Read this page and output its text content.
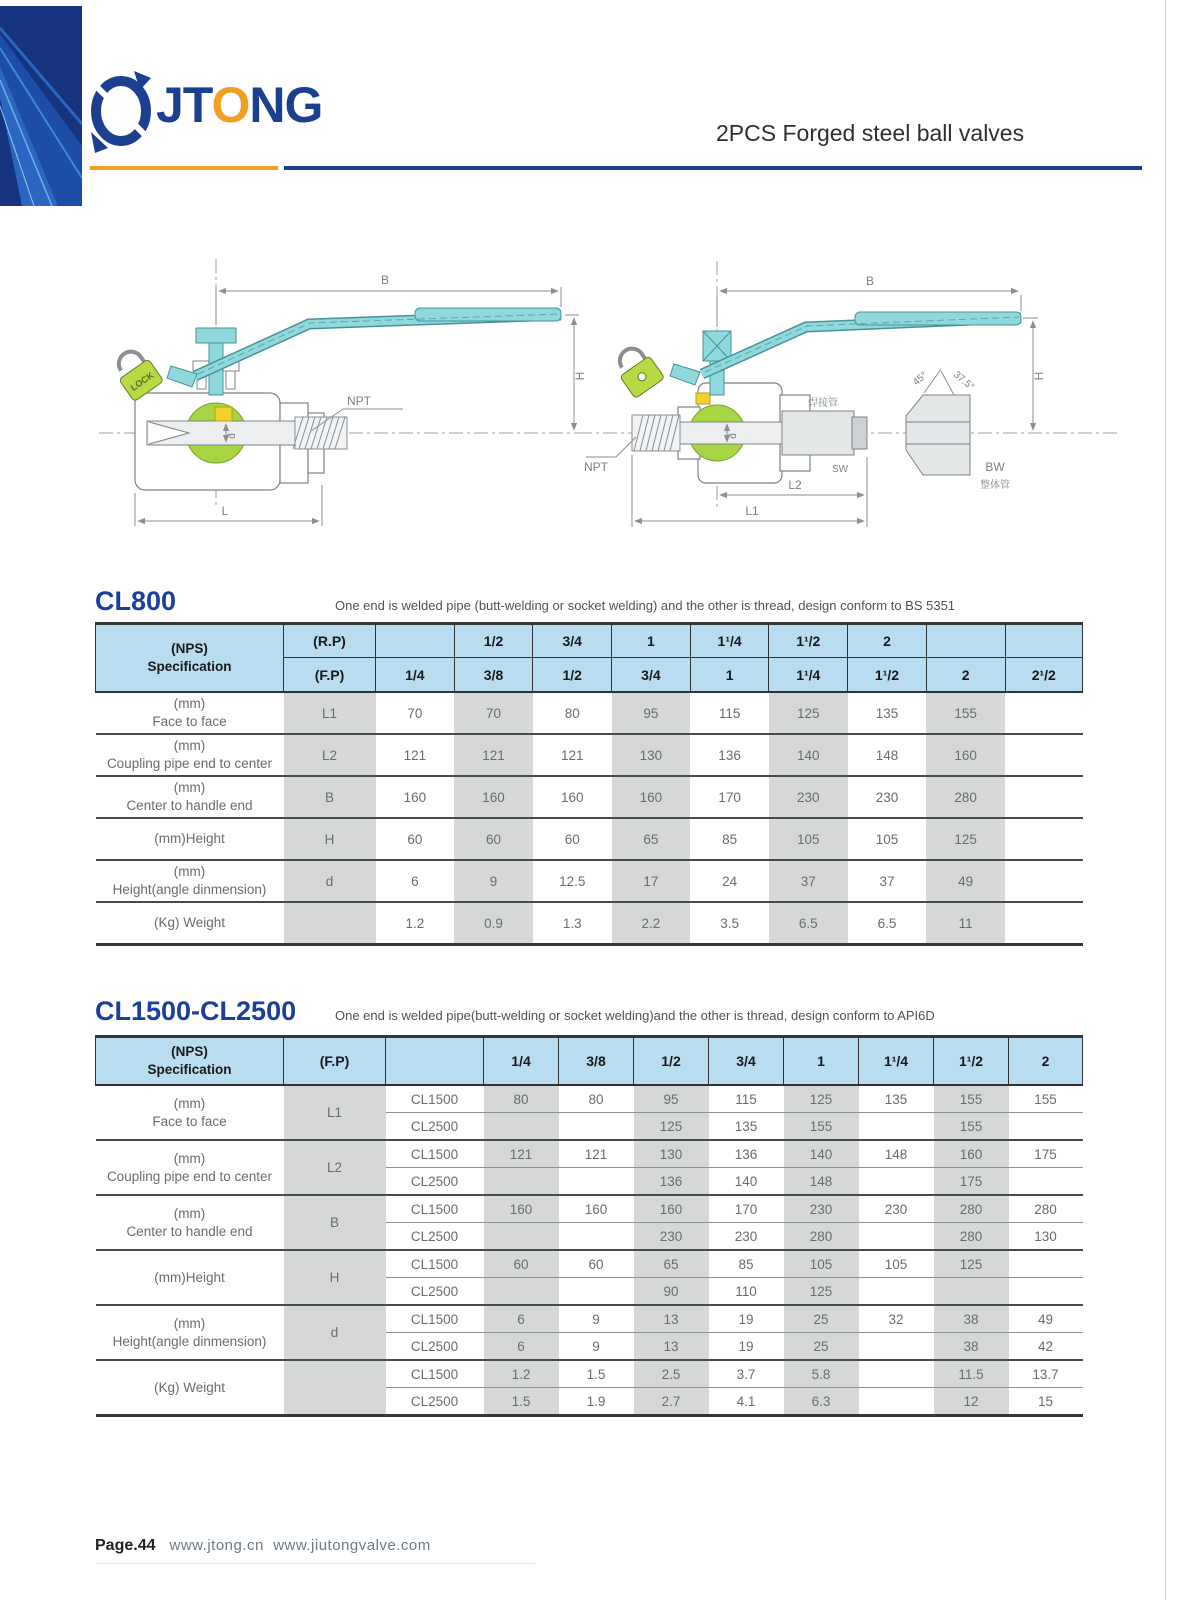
JTONG	2PCS Forged steel ball valves
LOCK
B
H
L
NPT
d
B
H
L2
L1
NPT
焊接管
SW	BW
整体管
45° 37.5°
d
CL800	One end is welded pipe (butt-welding or socket welding) and the other is thread, design conform to BS 5351
(NPS)
Specification	(R.P)		1/2	3/4	1	1¹/4	1¹/2	2		
	(F.P)	1/4	3/8	1/2	3/4	1	1¹/4	1¹/2	2	2¹/2

(mm)
Face to face	L1	70	70	80	95	115	125	135	155	

(mm)
Coupling pipe end to center	L2	121	121	121	130	136	140	148	160	

(mm)
Center to handle end	B	160	160	160	160	170	230	230	280	

(mm)Height	H	60	60	60	65	85	105	105	125	

(mm)
Height(angle dinmension)	d	6	9	12.5	17	24	37	37	49	

(Kg) Weight		1.2	0.9	1.3	2.2	3.5	6.5	6.5	11	
CL1500-CL2500	One end is welded pipe(butt-welding or socket welding)and the other is thread, design conform to API6D
(NPS)
Specification	(F.P)		1/4	3/8	1/2	3/4	1	1¹/4	1¹/2	2

(mm)
Face to face	L1	CL1500	80	80	95	115	125	135	155	155
		CL2500			125	135	155		155	

(mm)
Coupling pipe end to center	L2	CL1500	121	121	130	136	140	148	160	175
		CL2500			136	140	148		175	

(mm)
Center to handle end	B	CL1500	160	160	160	170	230	230	280	280
		CL2500			230	230	280		280	130

(mm)Height	H	CL1500	60	60	65	85	105	105	125	
		CL2500			90	110	125			

(mm)
Height(angle dinmension)	d	CL1500	6	9	13	19	25	32	38	49
		CL2500	6	9	13	19	25		38	42

(Kg) Weight		CL1500	1.2	1.5	2.5	3.7	5.8		11.5	13.7
		CL2500	1.5	1.9	2.7	4.1	6.3		12	15
Page.44 www.jtong.cn www.jiutongvalve.com
